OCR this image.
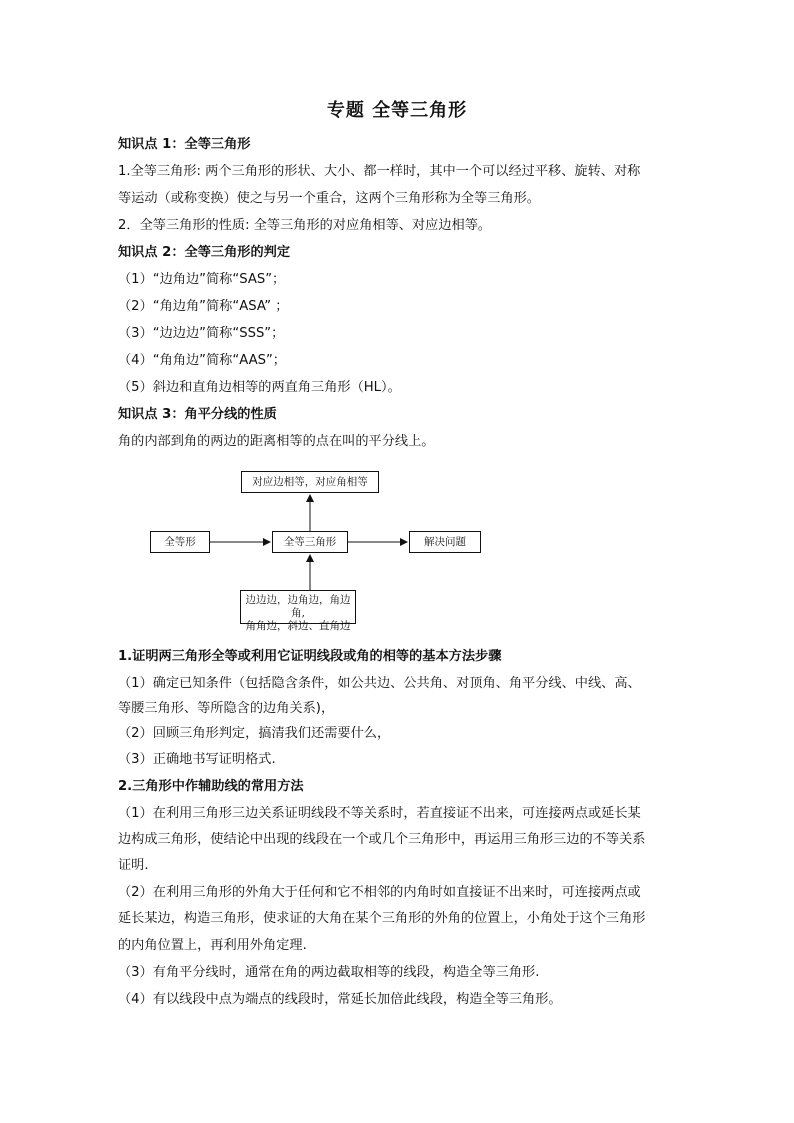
专题 全等三角形
知识点 1：全等三角形
1.全等三角形: 两个三角形的形状、大小、都一样时，其中一个可以经过平移、旋转、对称
等运动（或称变换）使之与另一个重合，这两个三角形称为全等三角形。
2．全等三角形的性质: 全等三角形的对应角相等、对应边相等。
知识点 2：全等三角形的判定
（1）“边角边”简称“SAS”；
（2）“角边角”简称“ASA” ；
（3）“边边边”简称“SSS”；
（4）“角角边”简称“AAS”；
（5）斜边和直角边相等的两直角三角形（HL）。
知识点 3：角平分线的性质
角的内部到角的两边的距离相等的点在叫的平分线上。
对应边相等，对应角相等
全等形	全等三角形	解决问题
边边边，边角边，角边角,
角角边，斜边、直角边
1.证明两三角形全等或利用它证明线段或角的相等的基本方法步骤
（1）确定已知条件（包括隐含条件，如公共边、公共角、对顶角、角平分线、中线、高、
等腰三角形、等所隐含的边角关系)，
（2）回顾三角形判定，搞清我们还需要什么，
（3）正确地书写证明格式.
2.三角形中作辅助线的常用方法
（1）在利用三角形三边关系证明线段不等关系时，若直接证不出来，可连接两点或延长某
边构成三角形，使结论中出现的线段在一个或几个三角形中，再运用三角形三边的不等关系
证明.
（2）在利用三角形的外角大于任何和它不相邻的内角时如直接证不出来时，可连接两点或
延长某边，构造三角形，使求证的大角在某个三角形的外角的位置上，小角处于这个三角形
的内角位置上，再利用外角定理.
（3）有角平分线时，通常在角的两边截取相等的线段，构造全等三角形.
（4）有以线段中点为端点的线段时，常延长加倍此线段，构造全等三角形。
